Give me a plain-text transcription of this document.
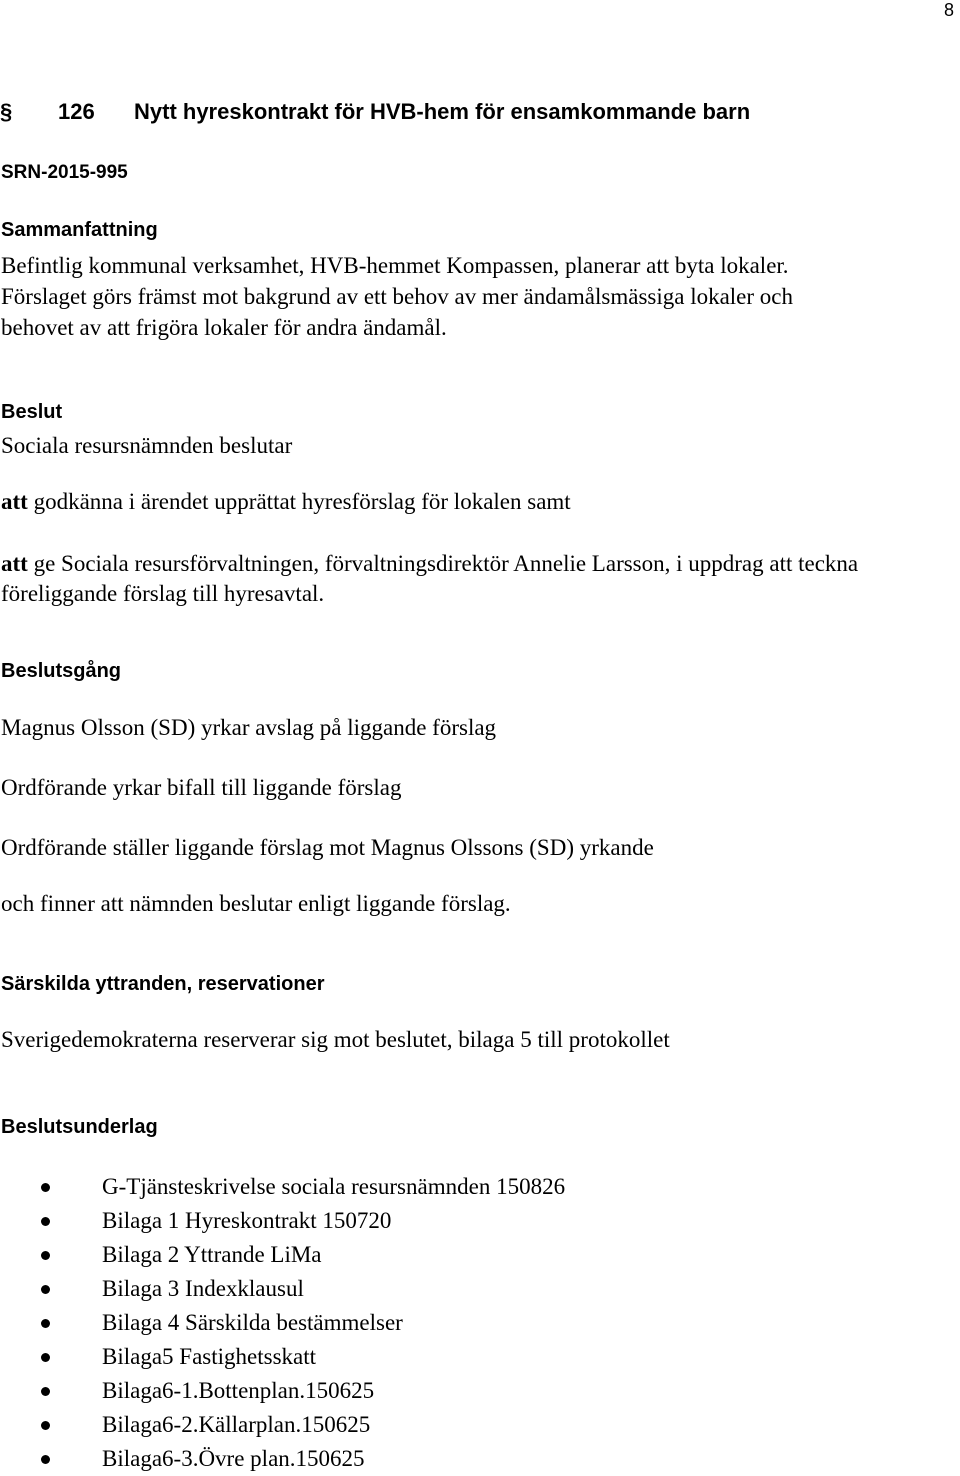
8
§ 126 Nytt hyreskontrakt för HVB-hem för ensamkommande barn
SRN-2015-995
Sammanfattning
Befintlig kommunal verksamhet, HVB-hemmet Kompassen, planerar att byta lokaler.
Förslaget görs främst mot bakgrund av ett behov av mer ändamålsmässiga lokaler och
behovet av att frigöra lokaler för andra ändamål.
Beslut
Sociala resursnämnden beslutar
att godkänna i ärendet upprättat hyresförslag för lokalen samt
att ge Sociala resursförvaltningen, förvaltningsdirektör Annelie Larsson, i uppdrag att teckna
föreliggande förslag till hyresavtal.
Beslutsgång
Magnus Olsson (SD) yrkar avslag på liggande förslag
Ordförande yrkar bifall till liggande förslag
Ordförande ställer liggande förslag mot Magnus Olssons (SD) yrkande
och finner att nämnden beslutar enligt liggande förslag.
Särskilda yttranden, reservationer
Sverigedemokraterna reserverar sig mot beslutet, bilaga 5 till protokollet
Beslutsunderlag
G-Tjänsteskrivelse sociala resursnämnden 150826
Bilaga 1 Hyreskontrakt 150720
Bilaga 2 Yttrande LiMa
Bilaga 3 Indexklausul
Bilaga 4 Särskilda bestämmelser
Bilaga5 Fastighetsskatt
Bilaga6-1.Bottenplan.150625
Bilaga6-2.Källarplan.150625
Bilaga6-3.Övre plan.150625
